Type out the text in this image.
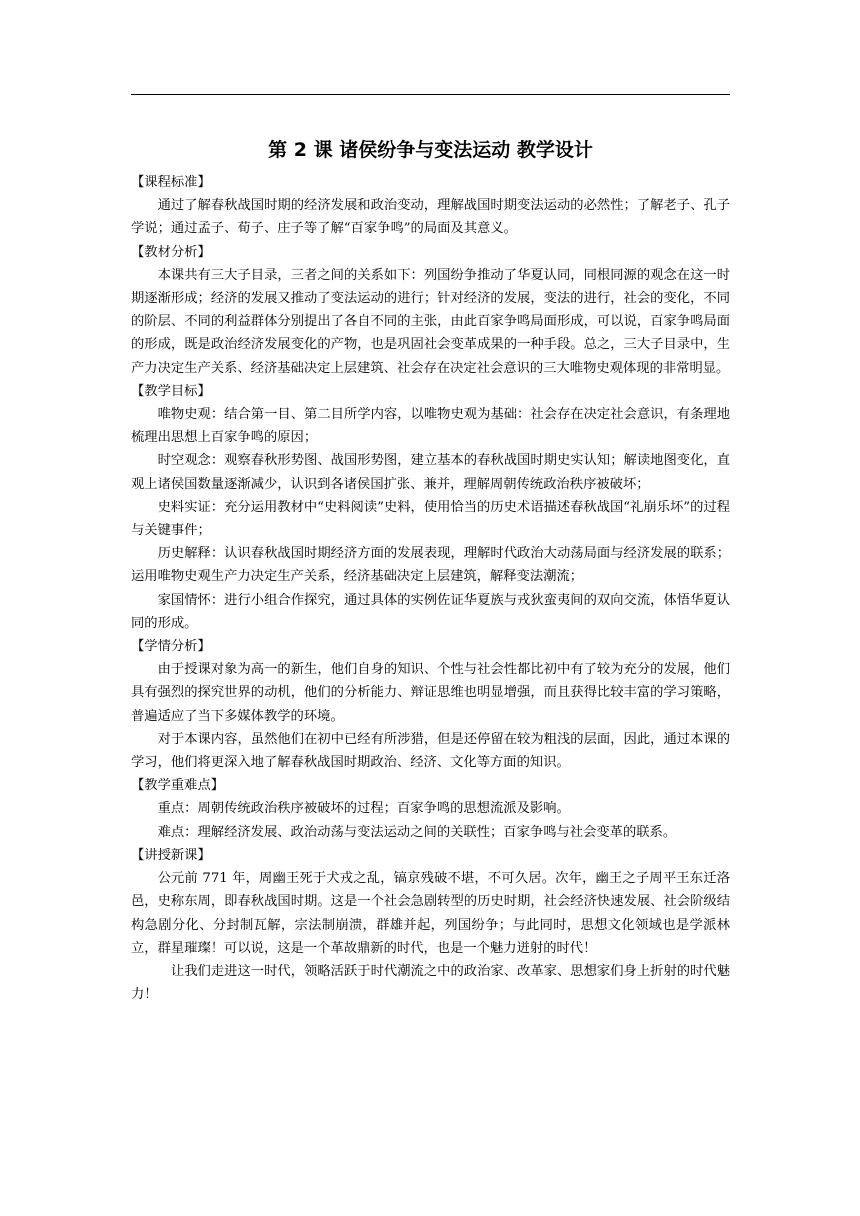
第 2 课 诸侯纷争与变法运动 教学设计

【课程标准】

通过了解春秋战国时期的经济发展和政治变动，理解战国时期变法运动的必然性；了解老子、孔子学说；通过孟子、荀子、庄子等了解“百家争鸣”的局面及其意义。

【教材分析】

本课共有三大子目录，三者之间的关系如下：列国纷争推动了华夏认同，同根同源的观念在这一时期逐渐形成；经济的发展又推动了变法运动的进行；针对经济的发展，变法的进行，社会的变化，不同的阶层、不同的利益群体分别提出了各自不同的主张，由此百家争鸣局面形成，可以说，百家争鸣局面的形成，既是政治经济发展变化的产物，也是巩固社会变革成果的一种手段。总之，三大子目录中，生产力决定生产关系、经济基础决定上层建筑、社会存在决定社会意识的三大唯物史观体现的非常明显。

【教学目标】

唯物史观：结合第一目、第二目所学内容，以唯物史观为基础：社会存在决定社会意识，有条理地梳理出思想上百家争鸣的原因；

时空观念：观察春秋形势图、战国形势图，建立基本的春秋战国时期史实认知；解读地图变化，直观上诸侯国数量逐渐减少，认识到各诸侯国扩张、兼并，理解周朝传统政治秩序被破坏；

史料实证：充分运用教材中“史料阅读”史料，使用恰当的历史术语描述春秋战国“礼崩乐坏”的过程与关键事件；

历史解释：认识春秋战国时期经济方面的发展表现，理解时代政治大动荡局面与经济发展的联系；运用唯物史观生产力决定生产关系，经济基础决定上层建筑，解释变法潮流；

家国情怀：进行小组合作探究，通过具体的实例佐证华夏族与戎狄蛮夷间的双向交流，体悟华夏认同的形成。

【学情分析】

由于授课对象为高一的新生，他们自身的知识、个性与社会性都比初中有了较为充分的发展，他们具有强烈的探究世界的动机，他们的分析能力、辩证思维也明显增强，而且获得比较丰富的学习策略，普遍适应了当下多媒体教学的环境。

对于本课内容，虽然他们在初中已经有所涉猎，但是还停留在较为粗浅的层面，因此，通过本课的学习，他们将更深入地了解春秋战国时期政治、经济、文化等方面的知识。

【教学重难点】

重点：周朝传统政治秩序被破坏的过程；百家争鸣的思想流派及影响。

难点：理解经济发展、政治动荡与变法运动之间的关联性；百家争鸣与社会变革的联系。

【讲授新课】

公元前 771 年，周幽王死于犬戎之乱，镐京残破不堪，不可久居。次年，幽王之子周平王东迁洛邑，史称东周，即春秋战国时期。这是一个社会急剧转型的历史时期，社会经济快速发展、社会阶级结构急剧分化、分封制瓦解，宗法制崩溃，群雄并起，列国纷争；与此同时，思想文化领域也是学派林立，群星璀璨！可以说，这是一个革故鼎新的时代，也是一个魅力迸射的时代！

让我们走进这一时代，领略活跃于时代潮流之中的政治家、改革家、思想家们身上折射的时代魅力！
